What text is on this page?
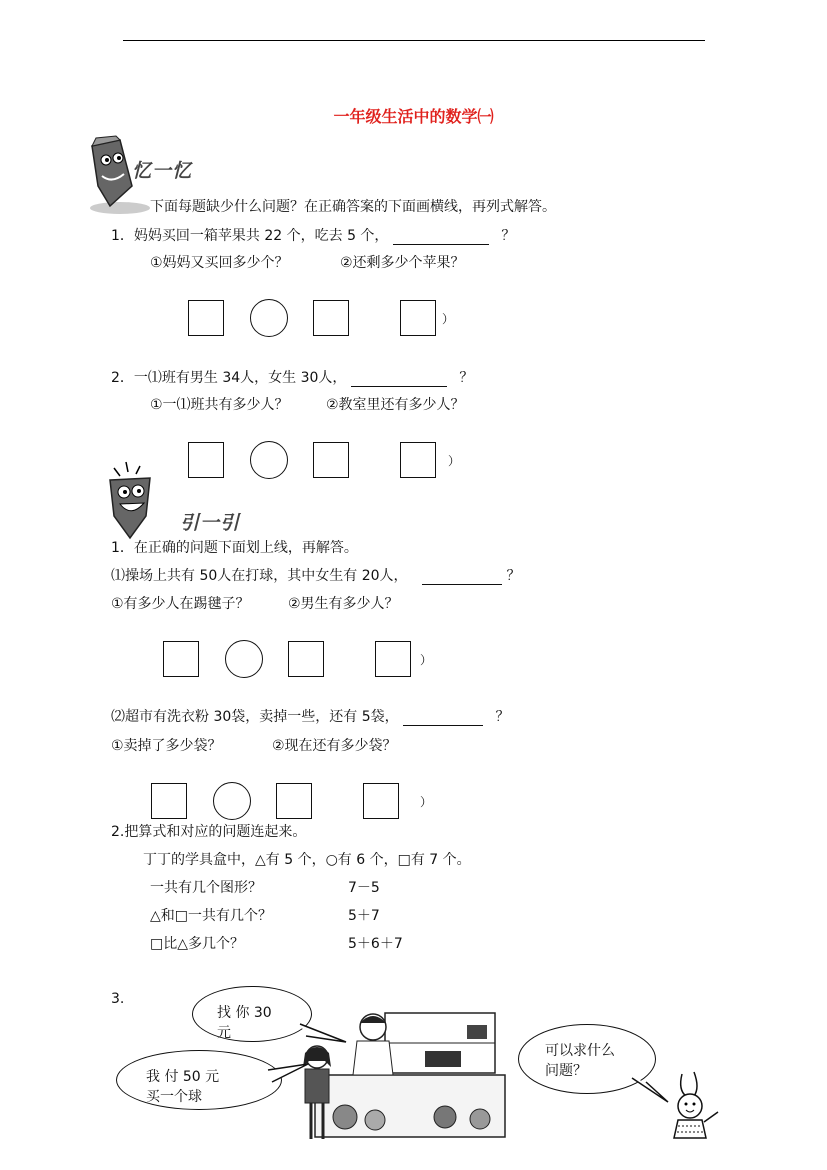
一年级生活中的数学㈠
忆一忆
下面每题缺少什么问题？在正确答案的下面画横线，再列式解答。
1．妈妈买回一箱苹果共 22 个，吃去 5 个，	？
①妈妈又买回多少个？	②还剩多少个苹果？
）
2．一⑴班有男生 34人，女生 30人，	？
①一⑴班共有多少人？	②教室里还有多少人？
）
引一引
1．在正确的问题下面划上线，再解答。
⑴操场上共有 50人在打球，其中女生有 20人，	？
①有多少人在踢毽子？	②男生有多少人？
）
⑵超市有洗衣粉 30袋，卖掉一些，还有 5袋，	？
①卖掉了多少袋？	②现在还有多少袋？
）
2.把算式和对应的问题连起来。
丁丁的学具盒中，△有 5 个，○有 6 个，□有 7 个。
一共有几个图形？	7－5
△和□一共有几个？	5＋7
□比△多几个？	5＋6＋7
3.
找 你 30
我 付 50 元
买一个球
可以求什么
问题？
